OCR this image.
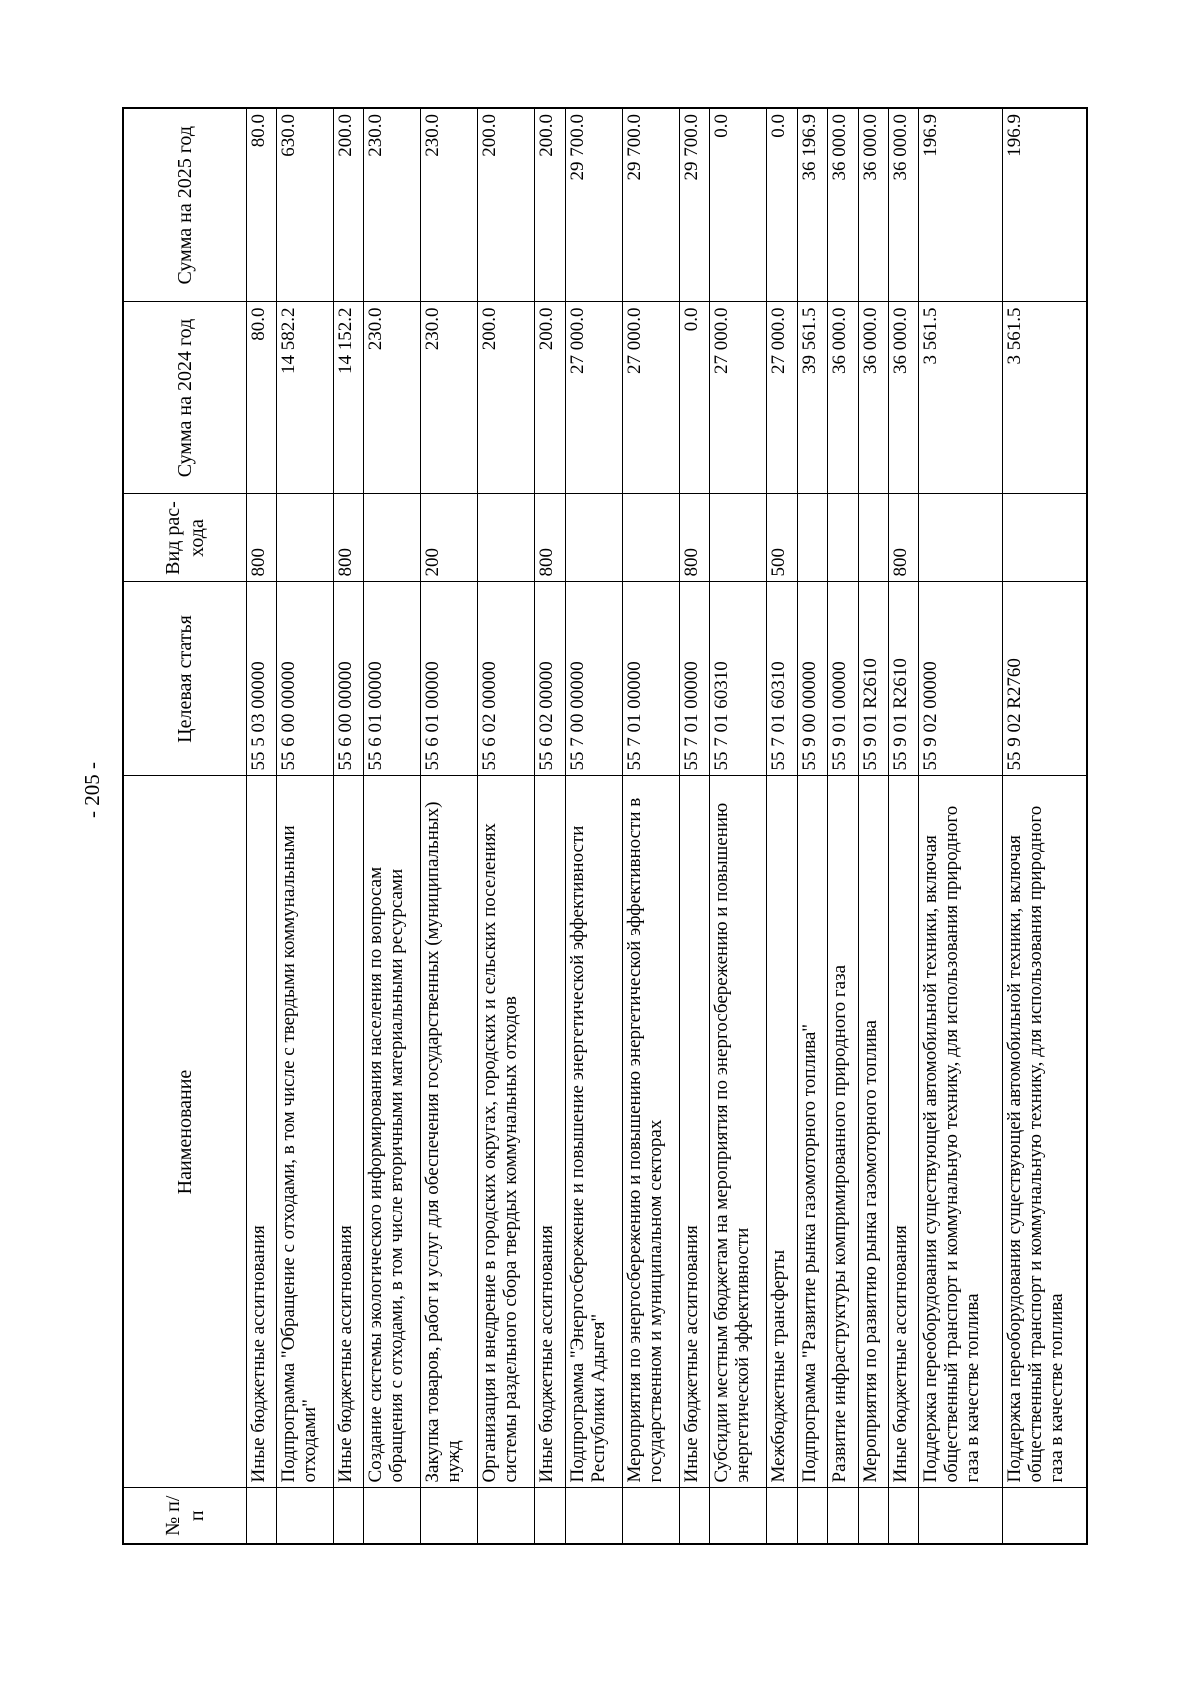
- 205 -
№ п/п	Наименование	Целевая статья	Вид рас-хода	Сумма на 2024 год	Сумма на 2025 год
	Иные бюджетные ассигнования	55 5 03 00000	800	80.0	80.0
	Подпрограмма "Обращение с отходами, в том числе с твердыми коммунальными отходами"	55 6 00 00000		14 582.2	630.0
	Иные бюджетные ассигнования	55 6 00 00000	800	14 152.2	200.0
	Создание системы экологического информирования населения по вопросам обращения с отходами, в том числе вторичными материальными ресурсами	55 6 01 00000		230.0	230.0
	Закупка товаров, работ и услуг для обеспечения государственных (муниципальных) нужд	55 6 01 00000	200	230.0	230.0
	Организация и внедрение в городских округах, городских и сельских поселениях системы раздельного сбора твердых коммунальных отходов	55 6 02 00000		200.0	200.0
	Иные бюджетные ассигнования	55 6 02 00000	800	200.0	200.0
	Подпрограмма "Энергосбережение и повышение энергетической эффективности Республики Адыгея"	55 7 00 00000		27 000.0	29 700.0
	Мероприятия по энергосбережению и повышению энергетической эффективности в государственном и муниципальном секторах	55 7 01 00000		27 000.0	29 700.0
	Иные бюджетные ассигнования	55 7 01 00000	800	0.0	29 700.0
	Субсидии местным бюджетам на мероприятия по энергосбережению и повышению энергетической эффективности	55 7 01 60310		27 000.0	0.0
	Межбюджетные трансферты	55 7 01 60310	500	27 000.0	0.0
	Подпрограмма "Развитие рынка газомоторного топлива"	55 9 00 00000		39 561.5	36 196.9
	Развитие инфраструктуры компримированного природного газа	55 9 01 00000		36 000.0	36 000.0
	Мероприятия по развитию рынка газомоторного топлива	55 9 01 R2610		36 000.0	36 000.0
	Иные бюджетные ассигнования	55 9 01 R2610	800	36 000.0	36 000.0
	Поддержка переоборудования существующей автомобильной техники, включая общественный транспорт и коммунальную технику, для использования природного газа в качестве топлива	55 9 02 00000		3 561.5	196.9
	Поддержка переоборудования существующей автомобильной техники, включая общественный транспорт и коммунальную технику, для использования природного газа в качестве топлива	55 9 02 R2760		3 561.5	196.9
